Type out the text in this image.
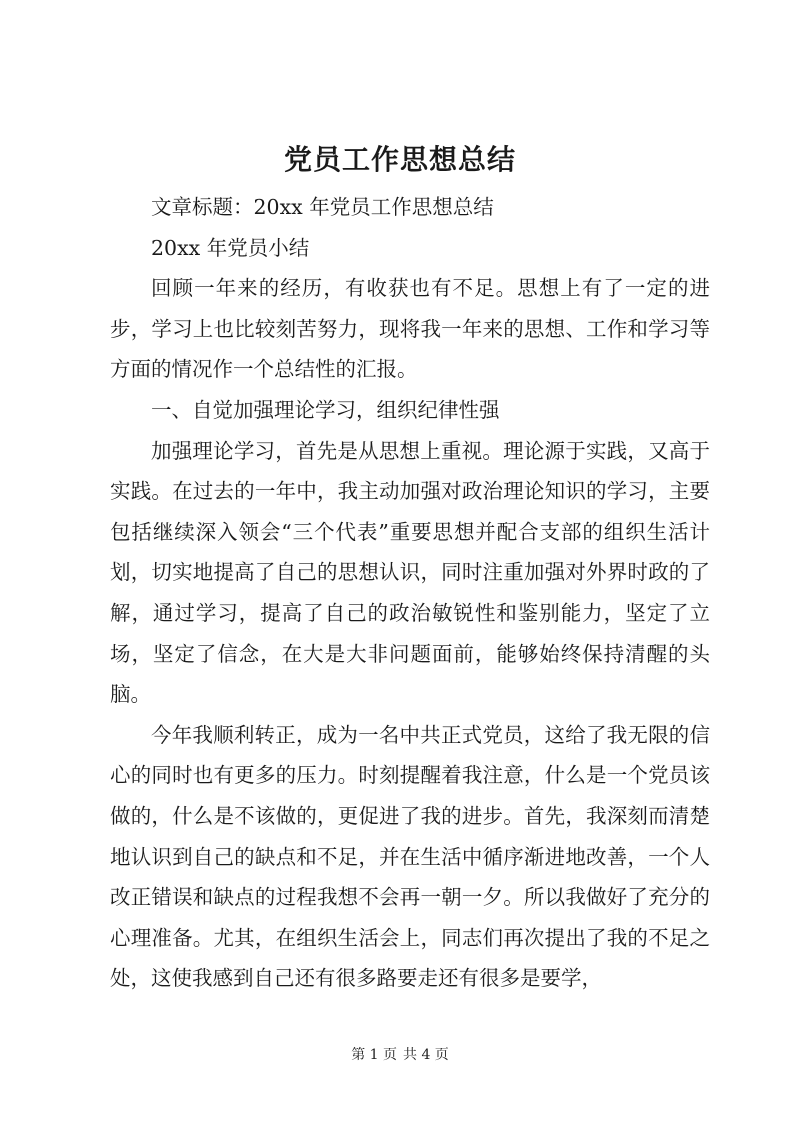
党员工作思想总结

文章标题：20xx 年党员工作思想总结

20xx 年党员小结

回顾一年来的经历，有收获也有不足。思想上有了一定的进步，学习上也比较刻苦努力，现将我一年来的思想、工作和学习等方面的情况作一个总结性的汇报。

一、自觉加强理论学习，组织纪律性强

加强理论学习，首先是从思想上重视。理论源于实践，又高于实践。在过去的一年中，我主动加强对政治理论知识的学习，主要包括继续深入领会“三个代表”重要思想并配合支部的组织生活计划，切实地提高了自己的思想认识，同时注重加强对外界时政的了解，通过学习，提高了自己的政治敏锐性和鉴别能力，坚定了立场，坚定了信念，在大是大非问题面前，能够始终保持清醒的头脑。

今年我顺利转正，成为一名中共正式党员，这给了我无限的信心的同时也有更多的压力。时刻提醒着我注意，什么是一个党员该做的，什么是不该做的，更促进了我的进步。首先，我深刻而清楚地认识到自己的缺点和不足，并在生活中循序渐进地改善，一个人改正错误和缺点的过程我想不会再一朝一夕。所以我做好了充分的心理准备。尤其，在组织生活会上，同志们再次提出了我的不足之处，这使我感到自己还有很多路要走还有很多是要学，

第 1 页 共 4 页
